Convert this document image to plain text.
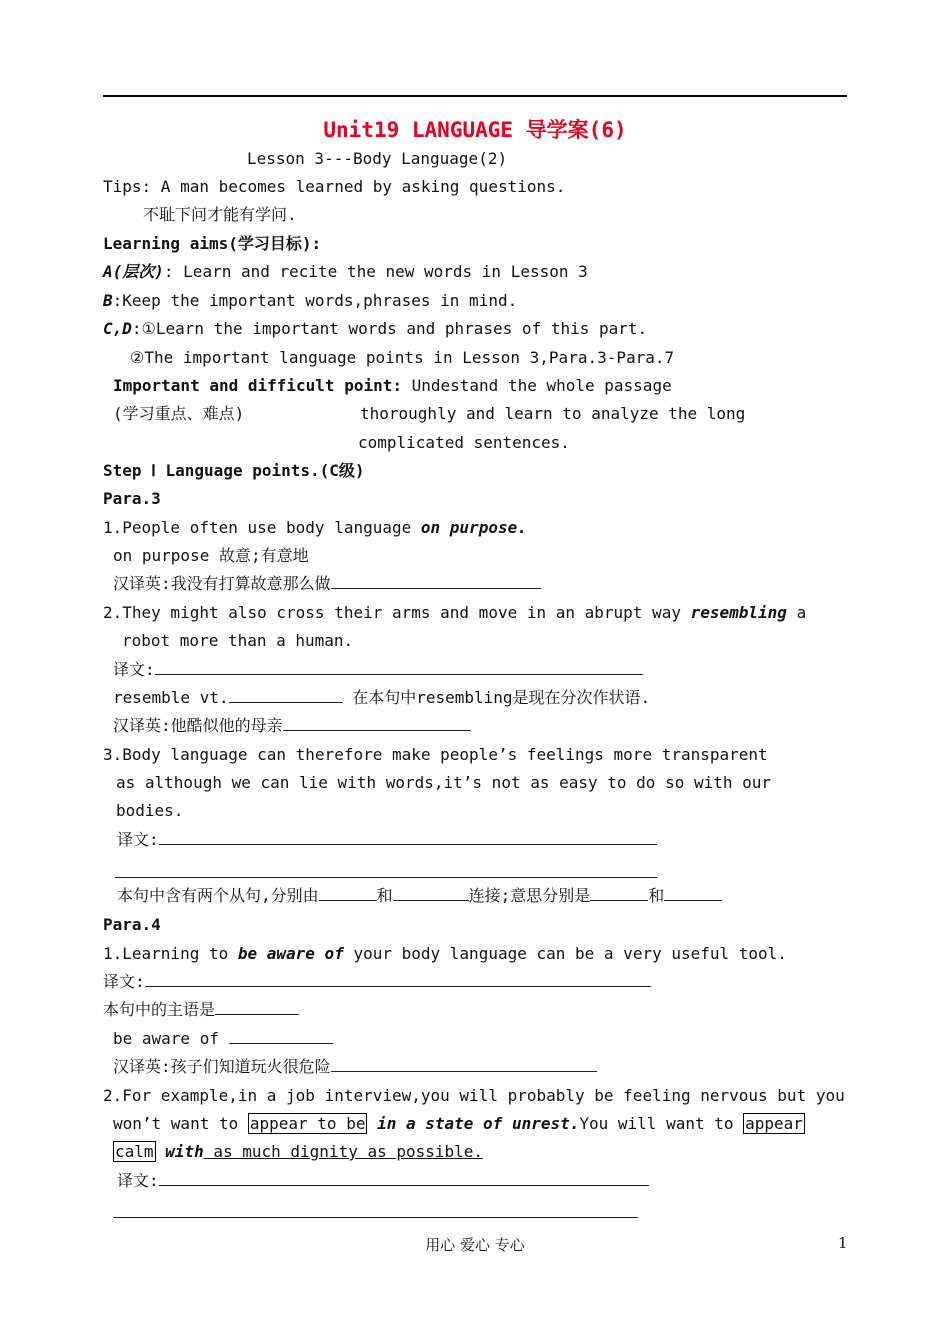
Unit19 LANGUAGE 导学案(6)
Lesson 3---Body Language(2)
Tips: A man becomes learned by asking questions.
不耻下问才能有学问.
Learning aims(学习目标):
A(层次): Learn and recite the new words in Lesson 3
B:Keep the important words,phrases in mind.
C,D:①Learn the important words and phrases of this part.
②The important language points in Lesson 3,Para.3-Para.7
Important and difficult point: Undestand the whole passage
(学习重点、难点)	thoroughly and learn to analyze the long
complicated sentences.
Step Ⅰ Language points.(C级)
Para.3
1.People often use body language on purpose.
on purpose 故意;有意地
汉译英:我没有打算故意那么做
2.They might also cross their arms and move in an abrupt way resembling a
robot more than a human.
译文:
resemble vt.	在本句中resembling是现在分次作状语.
汉译英:他酷似他的母亲
3.Body language can therefore make people’s feelings more transparent
as although we can lie with words,it’s not as easy to do so with our
bodies.
译文:
本句中含有两个从句,分别由	和	连接;意思分别是	和
Para.4
1.Learning to be aware of your body language can be a very useful tool.
译文:
本句中的主语是
be aware of
汉译英:孩子们知道玩火很危险
2.For example,in a job interview,you will probably be feeling nervous but you
won’t want to appear to be in a state of unrest.You will want to appear
calm with as much dignity as possible.
译文:
用心 爱心 专心	1
